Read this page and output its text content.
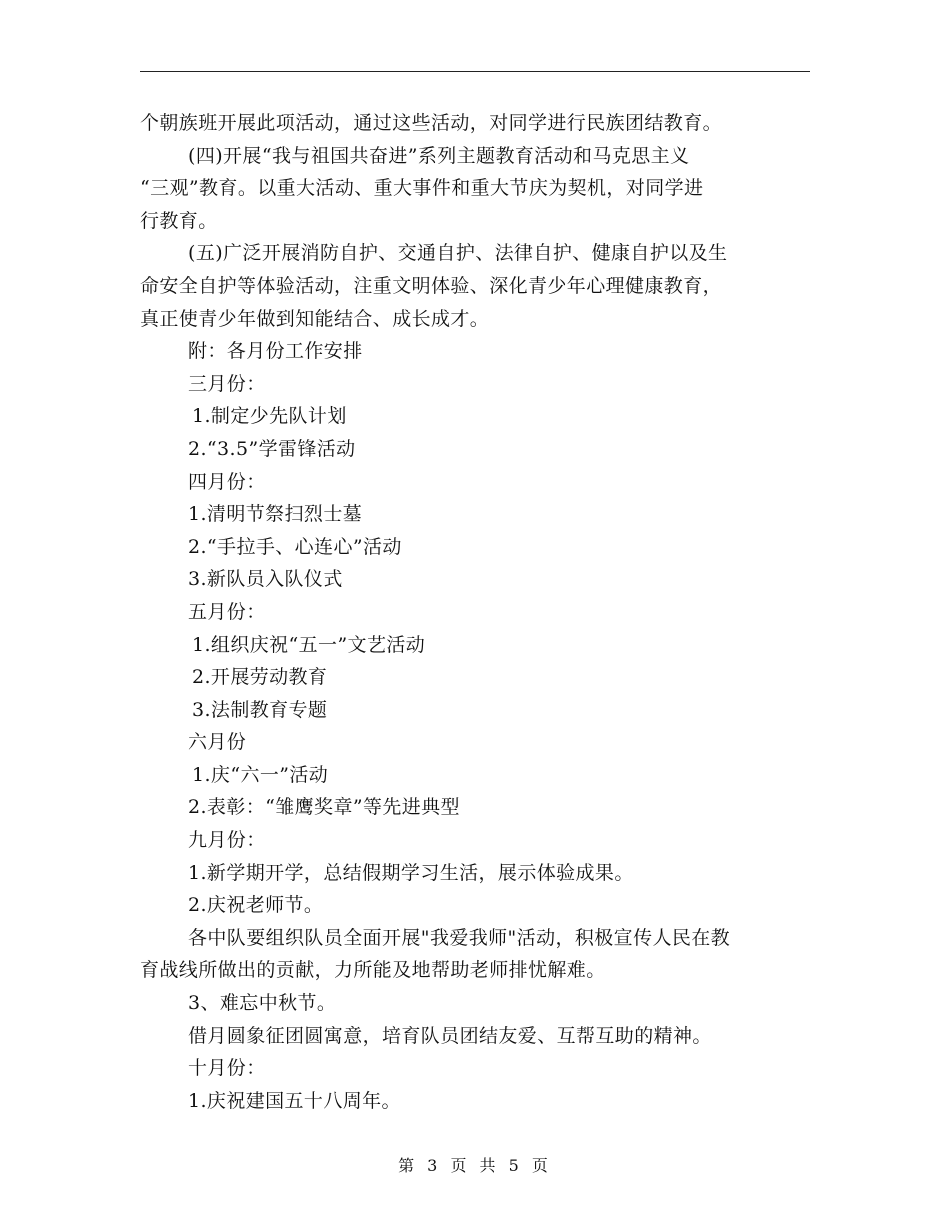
个朝族班开展此项活动，通过这些活动，对同学进行民族团结教育。
(四)开展“我与祖国共奋进”系列主题教育活动和马克思主义
“三观”教育。以重大活动、重大事件和重大节庆为契机，对同学进
行教育。
(五)广泛开展消防自护、交通自护、法律自护、健康自护以及生
命安全自护等体验活动，注重文明体验、深化青少年心理健康教育，
真正使青少年做到知能结合、成长成才。
附：各月份工作安排
三月份：
1.制定少先队计划
2.“3.5”学雷锋活动
四月份：
1.清明节祭扫烈士墓
2.“手拉手、心连心”活动
3.新队员入队仪式
五月份：
1.组织庆祝“五一”文艺活动
2.开展劳动教育
3.法制教育专题
六月份
1.庆“六一”活动
2.表彰：“雏鹰奖章”等先进典型
九月份：
1.新学期开学，总结假期学习生活，展示体验成果。
2.庆祝老师节。
各中队要组织队员全面开展"我爱我师"活动，积极宣传人民在教
育战线所做出的贡献，力所能及地帮助老师排忧解难。
3、难忘中秋节。
借月圆象征团圆寓意，培育队员团结友爱、互帮互助的精神。
十月份：
1.庆祝建国五十八周年。
第 3 页 共 5 页
